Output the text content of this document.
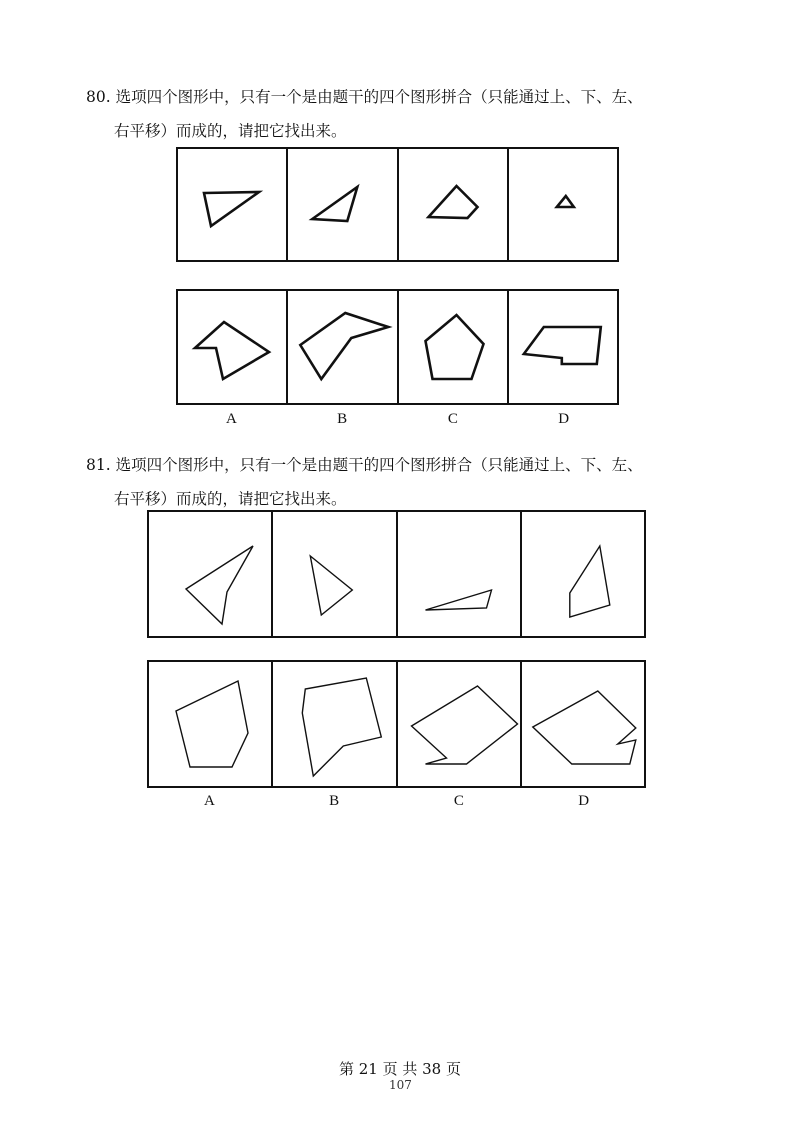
80. 选项四个图形中，只有一个是由题干的四个图形拼合（只能通过上、下、左、
右平移）而成的，请把它找出来。

A	B	C	D

81. 选项四个图形中，只有一个是由题干的四个图形拼合（只能通过上、下、左、
右平移）而成的，请把它找出来。

A	B	C	D
第 21 页 共 38 页
107
